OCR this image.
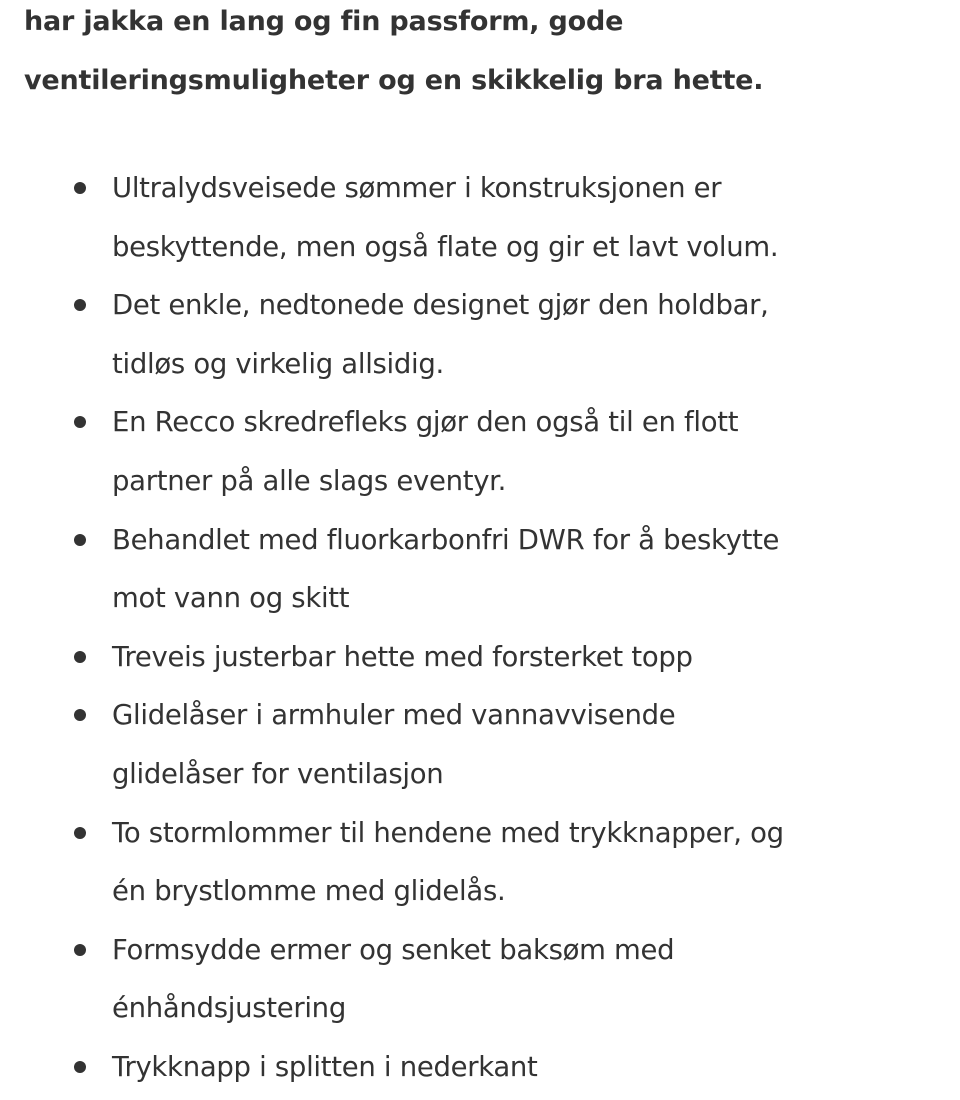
har jakka en lang og fin passform, gode
ventileringsmuligheter og en skikkelig bra hette.

Ultralydsveisede sømmer i konstruksjonen er
beskyttende, men også flate og gir et lavt volum.
Det enkle, nedtonede designet gjør den holdbar,
tidløs og virkelig allsidig.
En Recco skredrefleks gjør den også til en flott
partner på alle slags eventyr.
Behandlet med fluorkarbonfri DWR for å beskytte
mot vann og skitt
Treveis justerbar hette med forsterket topp
Glidelåser i armhuler med vannavvisende
glidelåser for ventilasjon
To stormlommer til hendene med trykknapper, og
én brystlomme med glidelås.
Formsydde ermer og senket baksøm med
énhåndsjustering
Trykknapp i splitten i nederkant
